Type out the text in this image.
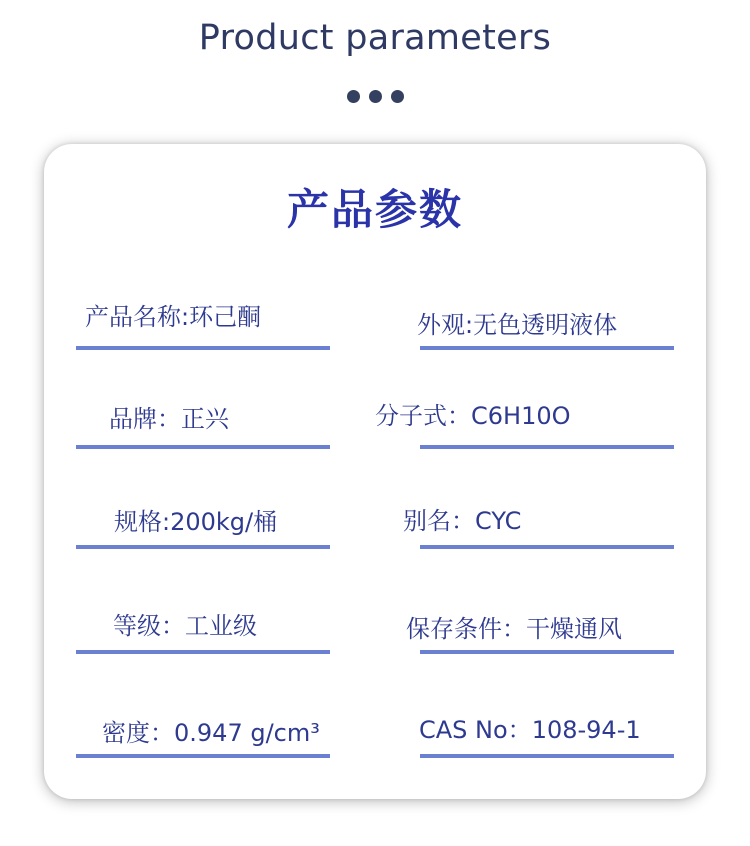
Product parameters
产品参数
产品名称:环己酮	外观:无色透明液体
品牌：正兴	分子式：C6H10O
规格:200kg/桶	别名：CYC
等级：工业级	保存条件：干燥通风
密度：0.947 g/cm³	CAS No：108-94-1
